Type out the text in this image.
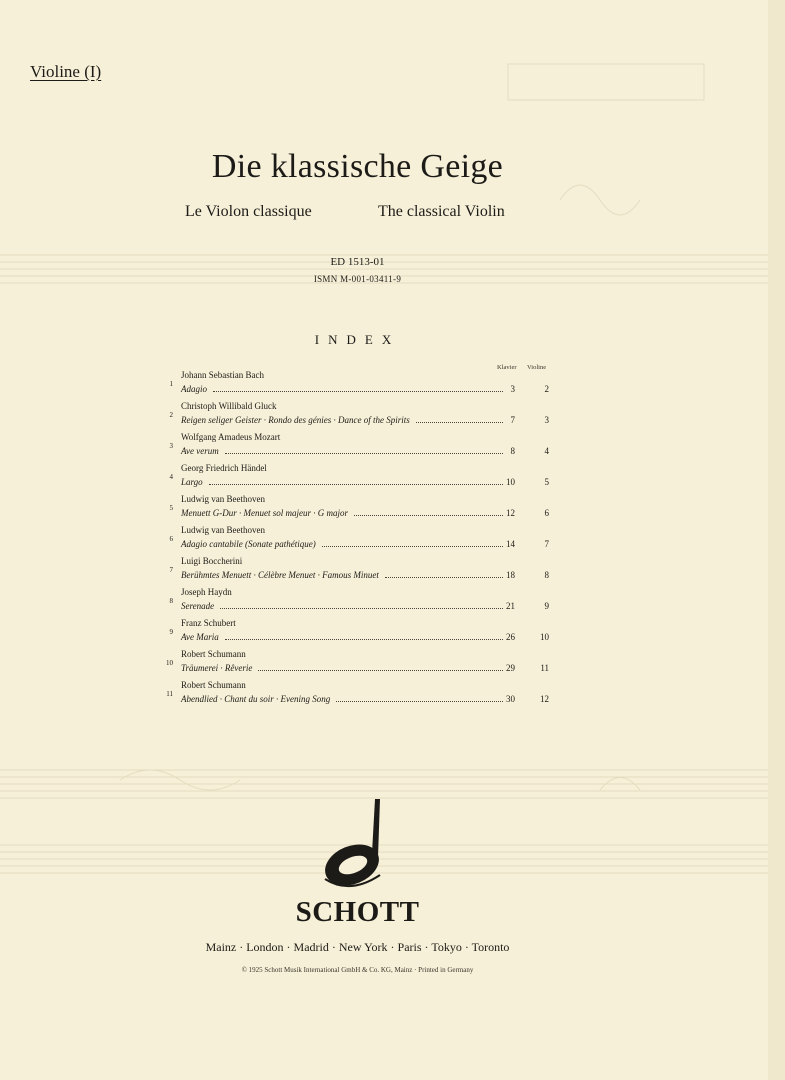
Violine (I)
Die klassische Geige
Le Violon classique	The classical Violin
ED 1513-01
ISMN M-001-03411-9
INDEX
Klavier Violine
1
Johann Sebastian Bach
Adagio	3	2
2
Christoph Willibald Gluck
Reigen seliger Geister · Rondo des génies · Dance of the Spirits	7	3
3
Wolfgang Amadeus Mozart
Ave verum	8	4
4
Georg Friedrich Händel
Largo	10	5
5
Ludwig van Beethoven
Menuett G-Dur · Menuet sol majeur · G major	12	6
6
Ludwig van Beethoven
Adagio cantabile (Sonate pathétique)	14	7
7
Luigi Boccherini
Berühmtes Menuett · Célèbre Menuet · Famous Minuet	18	8
8
Joseph Haydn
Serenade	21	9
9
Franz Schubert
Ave Maria	26	10
10
Robert Schumann
Träumerei · Rêverie	29	11
11
Robert Schumann
Abendlied · Chant du soir · Evening Song	30	12
SCHOTT
Mainz · London · Madrid · New York · Paris · Tokyo · Toronto
© 1925 Schott Musik International GmbH & Co. KG, Mainz · Printed in Germany
